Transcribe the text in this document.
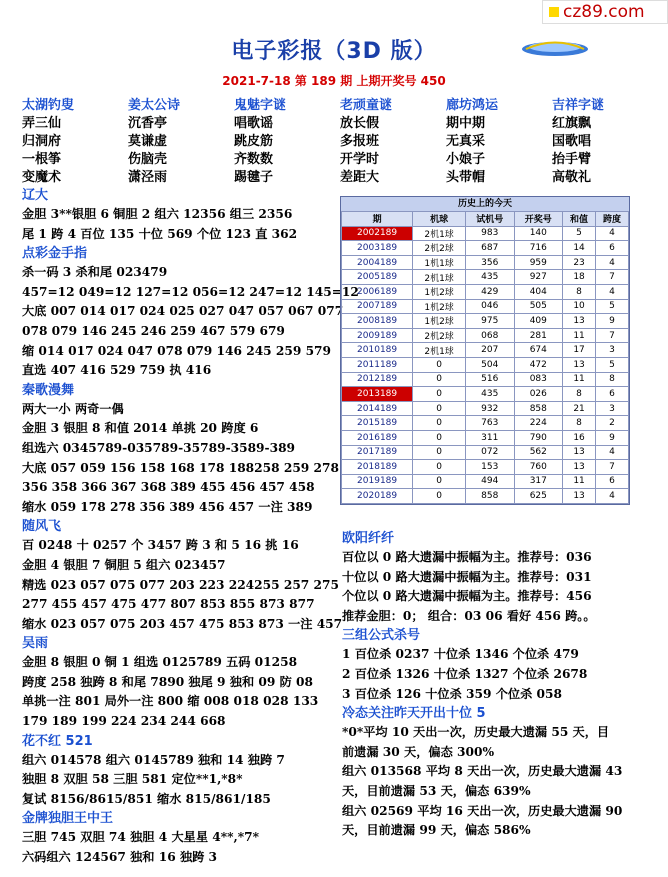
cz89.com
电子彩报（3D 版）
2021-7-18 第 189 期 上期开奖号 450
太湖钓叟	姜太公诗	鬼魅字谜	老顽童谜	廊坊鸿运	吉祥字谜
弄三仙	沉香亭	唱歌谣	放长假	期中期	红旗飘
归洞府	莫谦虚	跳皮筋	多报班	无真采	国歌唱
一根筝	伤脑壳	齐数数	开学时	小娘子	抬手臂
变魔术	潇泾雨	踢毽子	差距大	头带帽	高敬礼
辽大
金胆 3**银胆 6 铜胆 2 组六 12356 组三 2356
尾 1 跨 4 百位 135 十位 569 个位 123 直 362
点彩金手指
杀一码 3 杀和尾 023479
457=12 049=12 127=12 056=12 247=12 145=12
大底 007 014 017 024 025 027 047 057 067 077
078 079 146 245 246 259 467 579 679
缩 014 017 024 047 078 079 146 245 259 579
直选 407 416 529 759 执 416
秦歌漫舞
两大一小 两奇一偶
金胆 3 银胆 8 和值 2014 单挑 20 跨度 6
组选六 0345789-035789-35789-3589-389
大底 057 059 156 158 168 178 188258 259 278
356 358 366 367 368 389 455 456 457 458
缩水 059 178 278 356 389 456 457 一注 389
随风飞
百 0248 十 0257 个 3457 跨 3 和 5 16 挑 16
金胆 4 银胆 7 铜胆 5 组六 023457
精选 023 057 075 077 203 223 224255 257 275
277 455 457 475 477 807 853 855 873 877
缩水 023 057 075 203 457 475 853 873 一注 457
吴雨
金胆 8 银胆 0 铜 1 组选 0125789 五码 01258
跨度 258 独跨 8 和尾 7890 独尾 9 独和 09 防 08
单挑一注 801 局外一注 800 缩 008 018 028 133
179 189 199 224 234 244 668
花不红 521
组六 014578 组六 0145789 独和 14 独跨 7
独胆 8 双胆 58 三胆 581 定位**1,*8*
复试 8156/8615/851 缩水 815/861/185
金牌独胆王中王
三胆 745 双胆 74 独胆 4 大星星 4**,*7*
六码组六 124567 独和 16 独跨 3
历史上的今天
期	机球	试机号	开奖号	和值	跨度
2002189	2机1球	983	140	5	4
2003189	2机2球	687	716	14	6
2004189	1机1球	356	959	23	4
2005189	2机1球	435	927	18	7
2006189	1机2球	429	404	8	4
2007189	1机2球	046	505	10	5
2008189	1机2球	975	409	13	9
2009189	2机2球	068	281	11	7
2010189	2机1球	207	674	17	3
2011189	0	504	472	13	5
2012189	0	516	083	11	8
2013189	0	435	026	8	6
2014189	0	932	858	21	3
2015189	0	763	224	8	2
2016189	0	311	790	16	9
2017189	0	072	562	13	4
2018189	0	153	760	13	7
2019189	0	494	317	11	6
2020189	0	858	625	13	4
欧阳纤纤
百位以 0 路大遗漏中振幅为主。推荐号：036
十位以 0 路大遗漏中振幅为主。推荐号：031
个位以 0 路大遗漏中振幅为主。推荐号：456
推荐金胆：0； 组合：03 06 看好 456 跨。。
三组公式杀号
1 百位杀 0237 十位杀 1346 个位杀 479
2 百位杀 1326 十位杀 1327 个位杀 2678
3 百位杀 126 十位杀 359 个位杀 058
冷态关注昨天开出十位 5
*0*平均 10 天出一次，历史最大遗漏 55 天，目
前遗漏 30 天，偏态 300%
组六 013568 平均 8 天出一次，历史最大遗漏 43
天，目前遗漏 53 天，偏态 639%
组六 02569 平均 16 天出一次，历史最大遗漏 90
天，目前遗漏 99 天，偏态 586%
